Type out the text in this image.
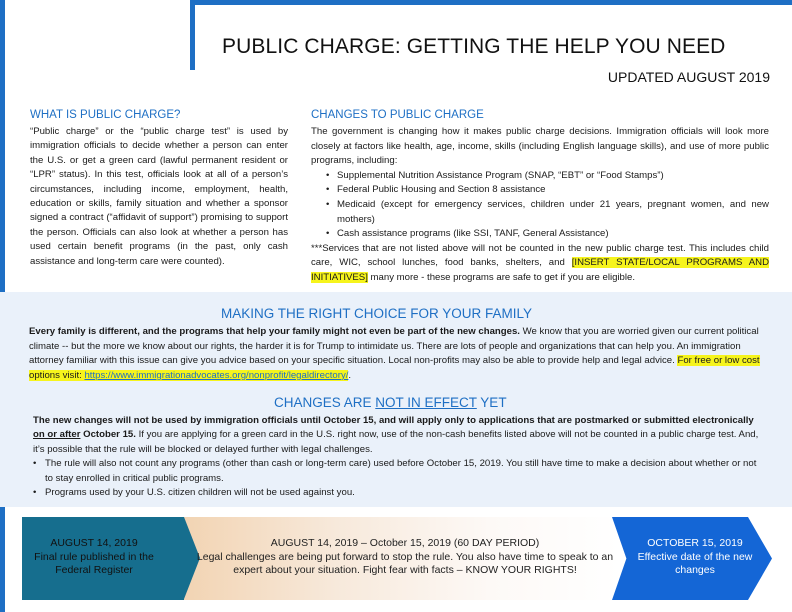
PUBLIC CHARGE: GETTING THE HELP YOU NEED
UPDATED AUGUST 2019
WHAT IS PUBLIC CHARGE?
“Public charge” or the “public charge test” is used by immigration officials to decide whether a person can enter the U.S. or get a green card (lawful permanent resident or “LPR” status). In this test, officials look at all of a person’s circumstances, including income, employment, health, education or skills, family situation and whether a sponsor signed a contract (“affidavit of support”) promising to support the person. Officials can also look at whether a person has used certain benefit programs (in the past, only cash assistance and long-term care were counted).
CHANGES TO PUBLIC CHARGE

The government is changing how it makes public charge decisions. Immigration officials will look more closely at factors like health, age, income, skills (including English language skills), and use of more public programs, including:

• Supplemental Nutrition Assistance Program (SNAP, “EBT” or “Food Stamps”)
• Federal Public Housing and Section 8 assistance
• Medicaid (except for emergency services, children under 21 years, pregnant women, and new mothers)
• Cash assistance programs (like SSI, TANF, General Assistance)

***Services that are not listed above will not be counted in the new public charge test. This includes child care, WIC, school lunches, food banks, shelters, and [INSERT STATE/LOCAL PROGRAMS AND INITIATIVES] many more - these programs are safe to get if you are eligible.

MAKING THE RIGHT CHOICE FOR YOUR FAMILY
Every family is different, and the programs that help your family might not even be part of the new changes. We know that you are worried given our current political climate -- but the more we know about our rights, the harder it is for Trump to intimidate us. There are lots of people and organizations that can help you. An immigration attorney familiar with this issue can give you advice based on your specific situation. Local non-profits may also be able to provide help and legal advice. For free or low cost options visit: https://www.immigrationadvocates.org/nonprofit/legaldirectory/.
CHANGES ARE NOT IN EFFECT YET

The new changes will not be used by immigration officials until October 15, and will apply only to applications that are postmarked or submitted electronically on or after October 15. If you are applying for a green card in the U.S. right now, use of the non-cash benefits listed above will not be counted in a public charge test. And, it’s possible that the rule will be blocked or delayed further with legal challenges.

• The rule will also not count any programs (other than cash or long-term care) used before October 15, 2019. You still have time to make a decision about whether or not to stay enrolled in critical public programs.
• Programs used by your U.S. citizen children will not be used against you.
AUGUST 14, 2019
Final rule published in the Federal Register
AUGUST 14, 2019 – October 15, 2019 (60 DAY PERIOD)
Legal challenges are being put forward to stop the rule. You also have time to speak to an expert about your situation. Fight fear with facts – KNOW YOUR RIGHTS!
OCTOBER 15, 2019
Effective date of the new changes
